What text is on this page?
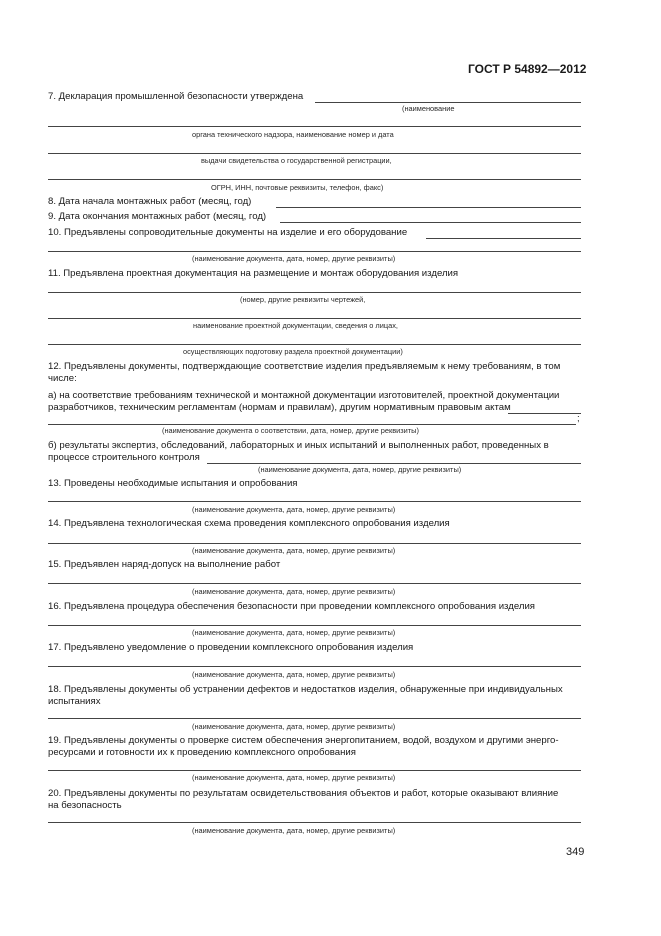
ГОСТ Р 54892—2012
7. Декларация промышленной безопасности утверждена
(наименование
органа технического надзора, наименование номер и дата
выдачи свидетельства о государственной регистрации,
ОГРН, ИНН, почтовые реквизиты, телефон, факс)
8. Дата начала монтажных работ (месяц, год)
9. Дата окончания монтажных работ (месяц, год)
10. Предъявлены сопроводительные документы на изделие и его оборудование
(наименование документа, дата, номер, другие реквизиты)
11. Предъявлена проектная документация на размещение и монтаж оборудования изделия
(номер, другие реквизиты чертежей,
наименование проектной документации, сведения о лицах,
осуществляющих подготовку раздела проектной документации)
12. Предъявлены документы, подтверждающие соответствие изделия предъявляемым к нему требованиям, в том
числе:
а) на соответствие требованиям технической и монтажной документации изготовителей, проектной документации
разработчиков, техническим регламентам (нормам и правилам), другим нормативным правовым актам
;
(наименование документа о соответствии, дата, номер, другие реквизиты)
б) результаты экспертиз, обследований, лабораторных и иных испытаний и выполненных работ, проведенных в
процессе строительного контроля
(наименование документа, дата, номер, другие реквизиты)
13. Проведены необходимые испытания и опробования
(наименование документа, дата, номер, другие реквизиты)
14. Предъявлена технологическая схема проведения комплексного опробования изделия
(наименование документа, дата, номер, другие реквизиты)
15. Предъявлен наряд-допуск на выполнение работ
(наименование документа, дата, номер, другие реквизиты)
16. Предъявлена процедура обеспечения безопасности при проведении комплексного опробования изделия
(наименование документа, дата, номер, другие реквизиты)
17. Предъявлено уведомление о проведении комплексного опробования изделия
(наименование документа, дата, номер, другие реквизиты)
18. Предъявлены документы об устранении дефектов и недостатков изделия, обнаруженные при индивидуальных
испытаниях
(наименование документа, дата, номер, другие реквизиты)
19. Предъявлены документы о проверке систем обеспечения энергопитанием, водой, воздухом и другими энерго-
ресурсами и готовности их к проведению комплексного опробования
(наименование документа, дата, номер, другие реквизиты)
20. Предъявлены документы по результатам освидетельствования объектов и работ, которые оказывают влияние
на безопасность
(наименование документа, дата, номер, другие реквизиты)
349
